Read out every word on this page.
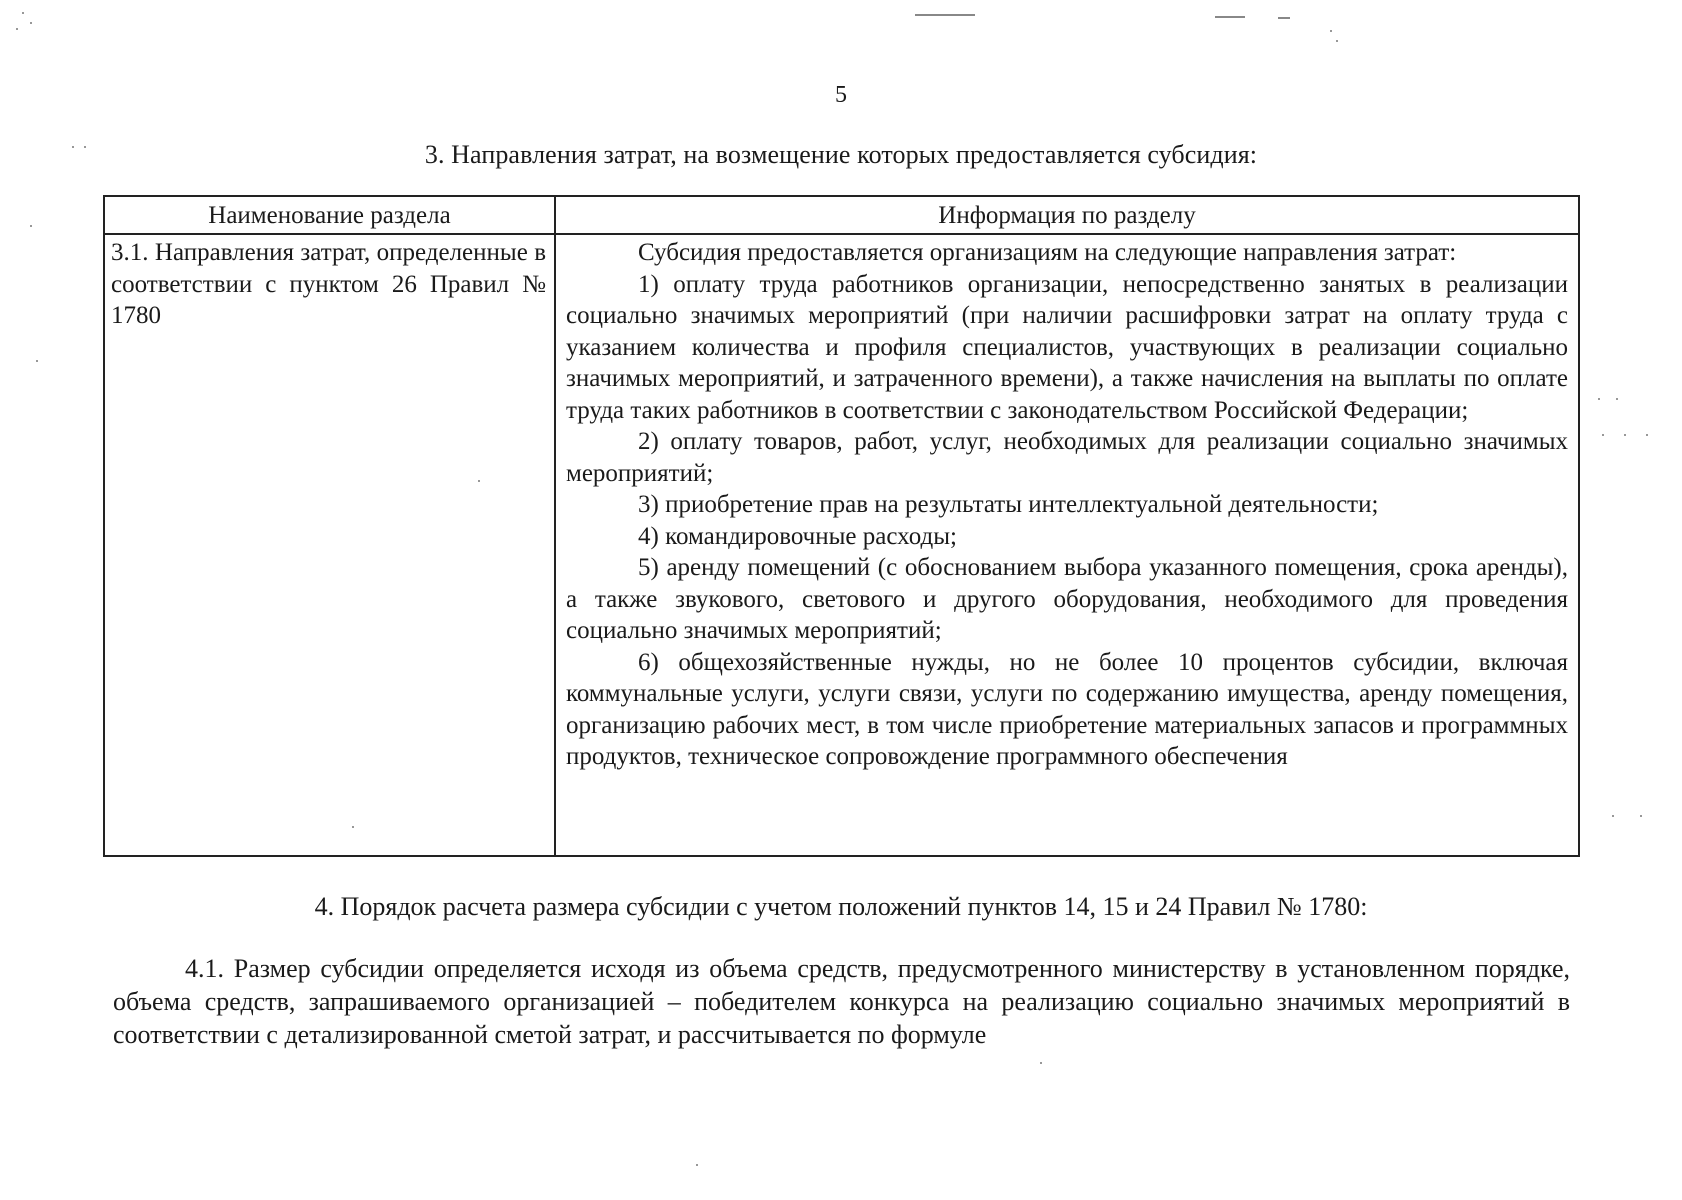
5
3. Направления затрат, на возмещение которых предоставляется субсидия:
Наименование раздела	Информация по разделу
3.1. Направления затрат, определенные в соответствии с пунктом 26 Правил № 1780

Субсидия предоставляется организациям на следующие направления затрат:

1) оплату труда работников организации, непосредственно занятых в реализации социально значимых мероприятий (при наличии расшифровки затрат на оплату труда с указанием количества и профиля специалистов, участвующих в реализации социально значимых мероприятий, и затраченного времени), а также начисления на выплаты по оплате труда таких работников в соответствии с законодательством Российской Федерации;

2) оплату товаров, работ, услуг, необходимых для реализации социально значимых мероприятий;

3) приобретение прав на результаты интеллектуальной деятельности;

4) командировочные расходы;

5) аренду помещений (с обоснованием выбора указанного помещения, срока аренды), а также звукового, светового и другого оборудования, необходимого для проведения социально значимых мероприятий;

6) общехозяйственные нужды, но не более 10 процентов субсидии, включая коммунальные услуги, услуги связи, услуги по содержанию имущества, аренду помещения, организацию рабочих мест, в том числе приобретение материальных запасов и программных продуктов, техническое сопровождение программного обеспечения

4. Порядок расчета размера субсидии с учетом положений пунктов 14, 15 и 24 Правил № 1780:

4.1. Размер субсидии определяется исходя из объема средств, предусмотренного министерству в установленном порядке, объема средств, запрашиваемого организацией – победителем конкурса на реализацию социально значимых мероприятий в соответствии с детализированной сметой затрат, и рассчитывается по формуле
